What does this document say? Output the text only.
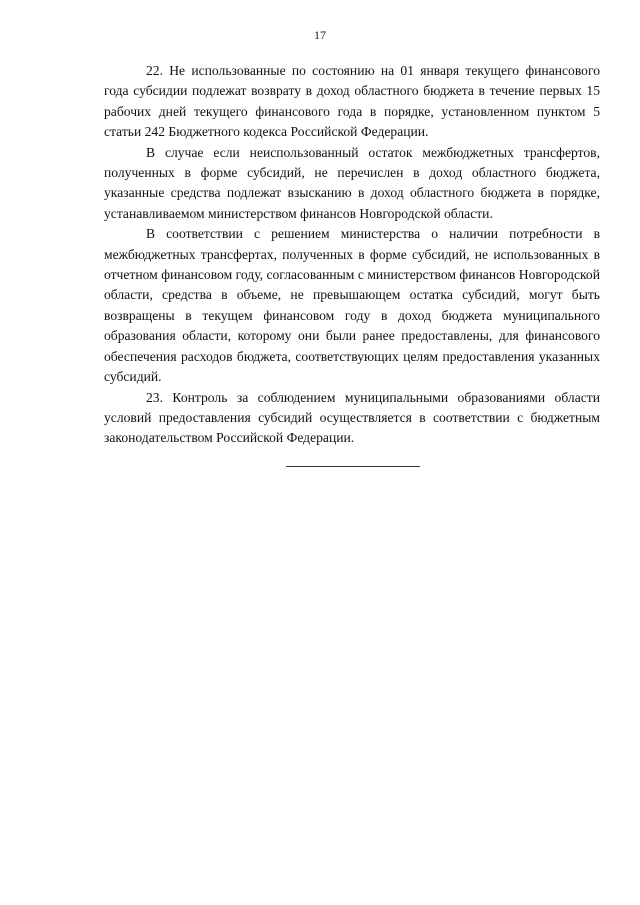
17

22. Не использованные по состоянию на 01 января текущего финансового года субсидии подлежат возврату в доход областного бюджета в течение первых 15 рабочих дней текущего финансового года в порядке, установленном пунктом 5 статьи 242 Бюджетного кодекса Российской Федерации.

В случае если неиспользованный остаток межбюджетных трансфертов, полученных в форме субсидий, не перечислен в доход областного бюджета, указанные средства подлежат взысканию в доход областного бюджета в порядке, устанавливаемом министерством финансов Новгородской области.

В соответствии с решением министерства о наличии потребности в межбюджетных трансфертах, полученных в форме субсидий, не использованных в отчетном финансовом году, согласованным с министерством финансов Новгородской области, средства в объеме, не превышающем остатка субсидий, могут быть возвращены в текущем финансовом году в доход бюджета муниципального образования области, которому они были ранее предоставлены, для финансового обеспечения расходов бюджета, соответствующих целям предоставления указанных субсидий.

23. Контроль за соблюдением муниципальными образованиями области условий предоставления субсидий осуществляется в соответствии с бюджетным законодательством Российской Федерации.
